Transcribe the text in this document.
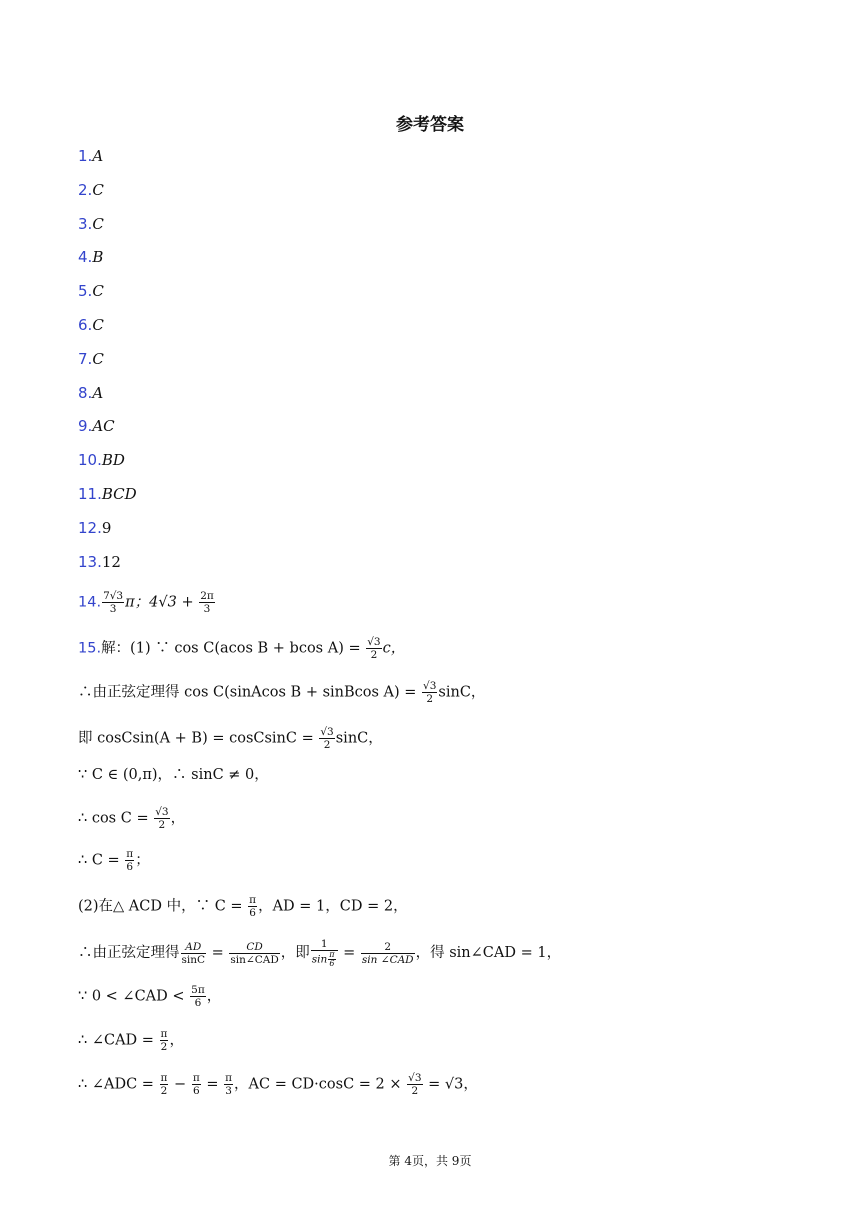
参考答案
1.A
2.C
3.C
4.B
5.C
6.C
7.C
8.A
9.AC
10.BD
11.BCD
12.9
13.12
14. $\frac{7√3}{3}$ π；$4√3 + \frac{2\pi}{3}$
15.解：(1) ∵ cos C(acos B + bcos $A) = \frac{√3}{2}$ c，
∴由正弦定理得 cos C(sinAcos B + sinBcos $A) = \frac{√3}{2}$ sinC，
即 cosCsin(A + B) = cosCsinC = $\frac{√3}{2}$ sinC，
∵ C ∈ (0,π)，∴ sinC ≠ 0，
∴ $\cos C = \frac{√3}{2}$ ，
∴ $C = \frac{\pi}{6}$ ；
(2)在△ ACD 中，∵ $C = \frac{\pi}{6}$ ，AD = 1，CD = 2，
∴由正弦定理得 $\frac{AD}{\sin C} = \frac{CD}{\text{sin∠CAD}}$ ，即 $\frac{1}{\sin \frac{\pi}{6}} = \frac{2}{\text{sin ∠CAD}}$ ，得 sin∠CAD = 1，
∵ 0 < ∠CAD < $\frac{5\pi}{6}$ ，
∴ ∠CAD = $\frac{\pi}{2}$ ，
∴ ∠ADC = $\frac{\pi}{2} - \frac{\pi}{6} = \frac{\pi}{3}$ ，AC = $CD\cdot\cos C = 2 \times \frac{√3}{2} = √3$，
第 4页，共 9页
